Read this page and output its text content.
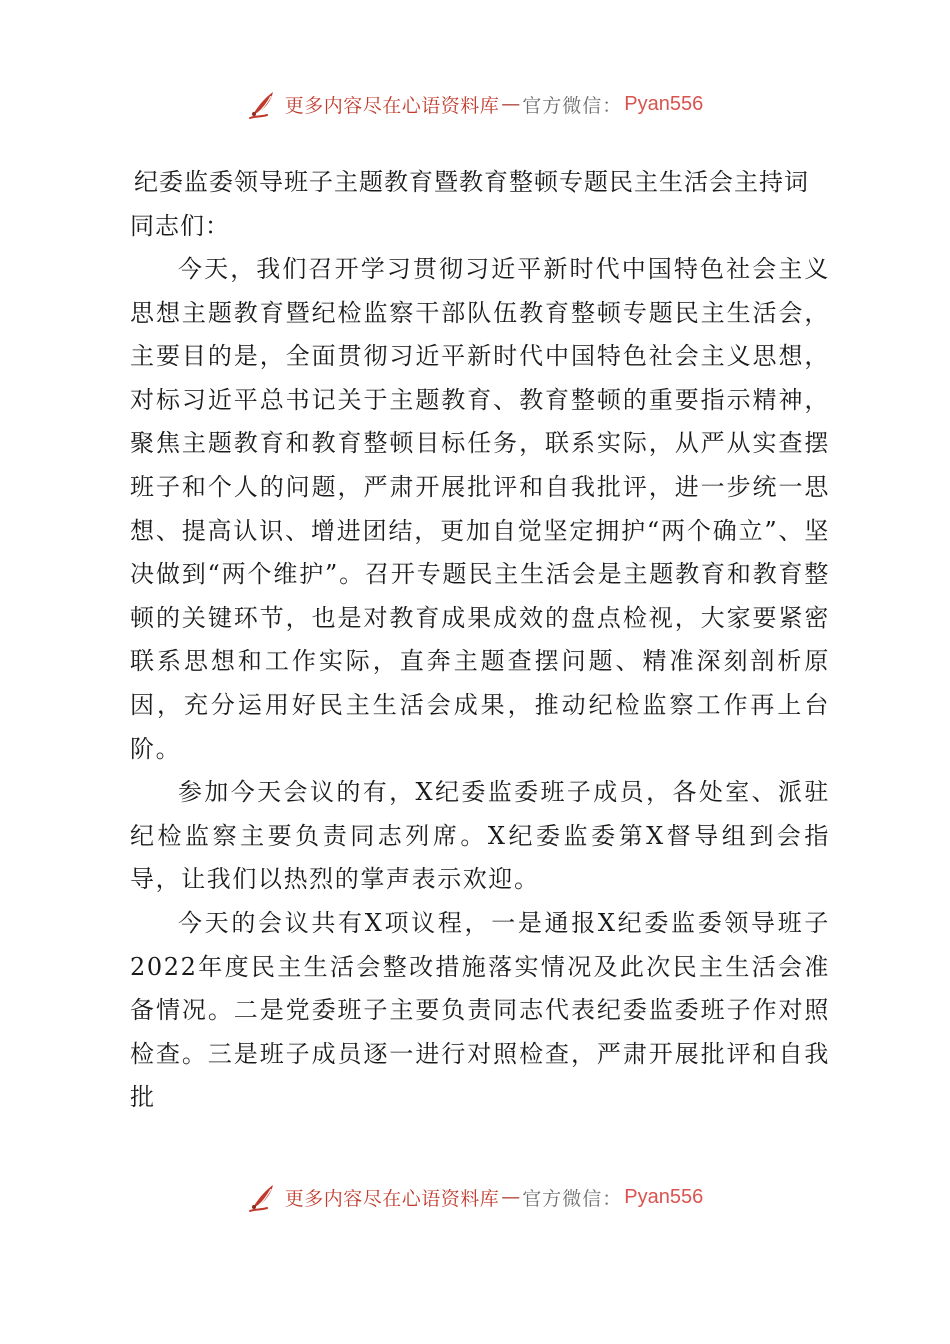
更多内容尽在心语资料库 — 官方微信： Pyan556

纪委监委领导班子主题教育暨教育整顿专题民主生活会主持词

同志们：

今天，我们召开学习贯彻习近平新时代中国特色社会主义思想主题教育暨纪检监察干部队伍教育整顿专题民主生活会，主要目的是，全面贯彻习近平新时代中国特色社会主义思想，对标习近平总书记关于主题教育、教育整顿的重要指示精神，聚焦主题教育和教育整顿目标任务，联系实际，从严从实查摆班子和个人的问题，严肃开展批评和自我批评，进一步统一思想、提高认识、增进团结，更加自觉坚定拥护“两个确立”、坚决做到“两个维护”。召开专题民主生活会是主题教育和教育整顿的关键环节，也是对教育成果成效的盘点检视，大家要紧密联系思想和工作实际，直奔主题查摆问题、精准深刻剖析原因，充分运用好民主生活会成果，推动纪检监察工作再上台阶。

参加今天会议的有，X纪委监委班子成员，各处室、派驻纪检监察主要负责同志列席。X纪委监委第X督导组到会指导，让我们以热烈的掌声表示欢迎。

今天的会议共有X项议程，一是通报X纪委监委领导班子2022年度民主生活会整改措施落实情况及此次民主生活会准备情况。二是党委班子主要负责同志代表纪委监委班子作对照检查。三是班子成员逐一进行对照检查，严肃开展批评和自我批

更多内容尽在心语资料库 — 官方微信： Pyan556
